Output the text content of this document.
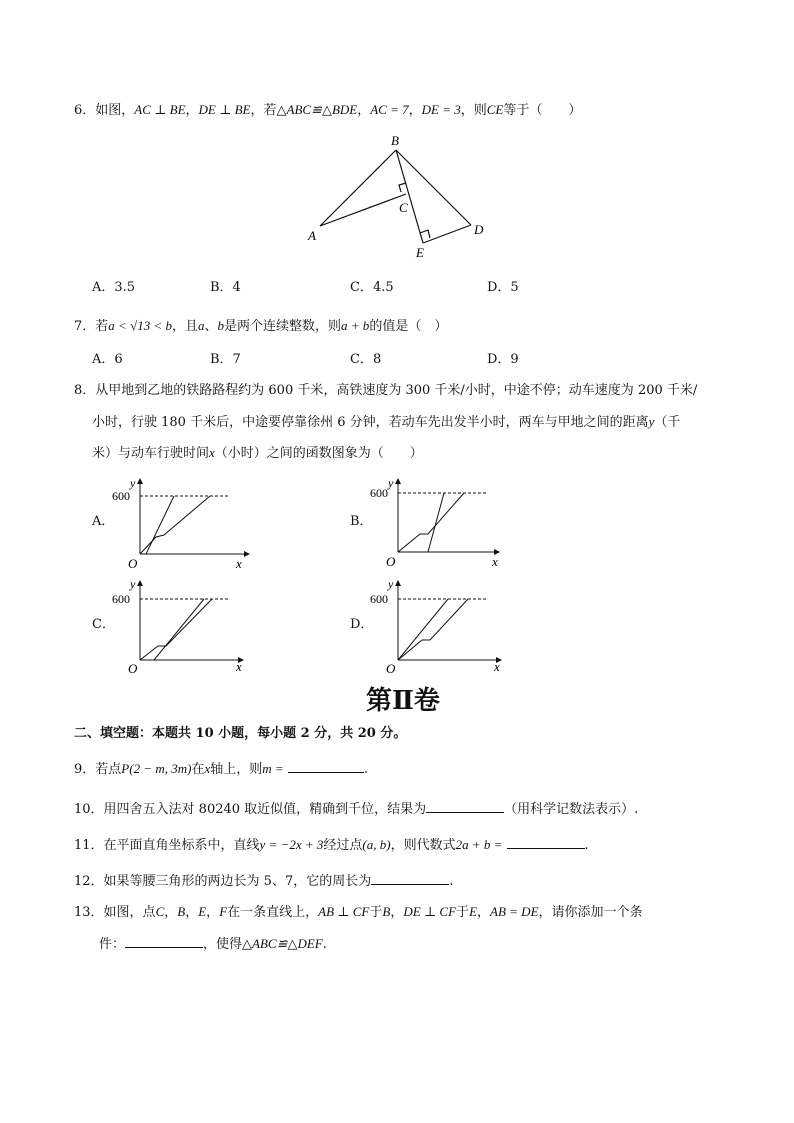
6．如图，AC ⊥ BE，DE ⊥ BE，若△ABC≌△BDE，AC = 7，DE = 3，则CE等于（　　）
B
C
A	D
E
A．3.5	B．4	C．4.5	D．5
7．若a < √13 < b，且a、b是两个连续整数，则a + b的值是（　）
A．6	B．7	C．8	D．9
8．从甲地到乙地的铁路路程约为 600 千米，高铁速度为 300 千米/小时，中途不停；动车速度为 200 千米/
小时，行驶 180 千米后，中途要停靠徐州 6 分钟，若动车先出发半小时，两车与甲地之间的距离y（千
米）与动车行驶时间x（小时）之间的函数图象为（　　）
A．
y
600
O	x
B．
y
600
O	x
C．
y
600
O	x
D．
y
600
O	x
第Ⅱ卷
二、填空题：本题共 10 小题，每小题 2 分，共 20 分。
9．若点P(2 − m, 3m)在x轴上，则m =	.
10．用四舍五入法对 80240 取近似值，精确到千位，结果为	（用科学记数法表示）.
11．在平面直角坐标系中，直线y = −2x + 3经过点(a, b)，则代数式2a + b =	.
12．如果等腰三角形的两边长为 5、7，它的周长为	.
13．如图，点C，B，E，F在一条直线上，AB ⊥ CF于B，DE ⊥ CF于E，AB = DE，请你添加一个条
件：	，使得△ABC≌△DEF.
